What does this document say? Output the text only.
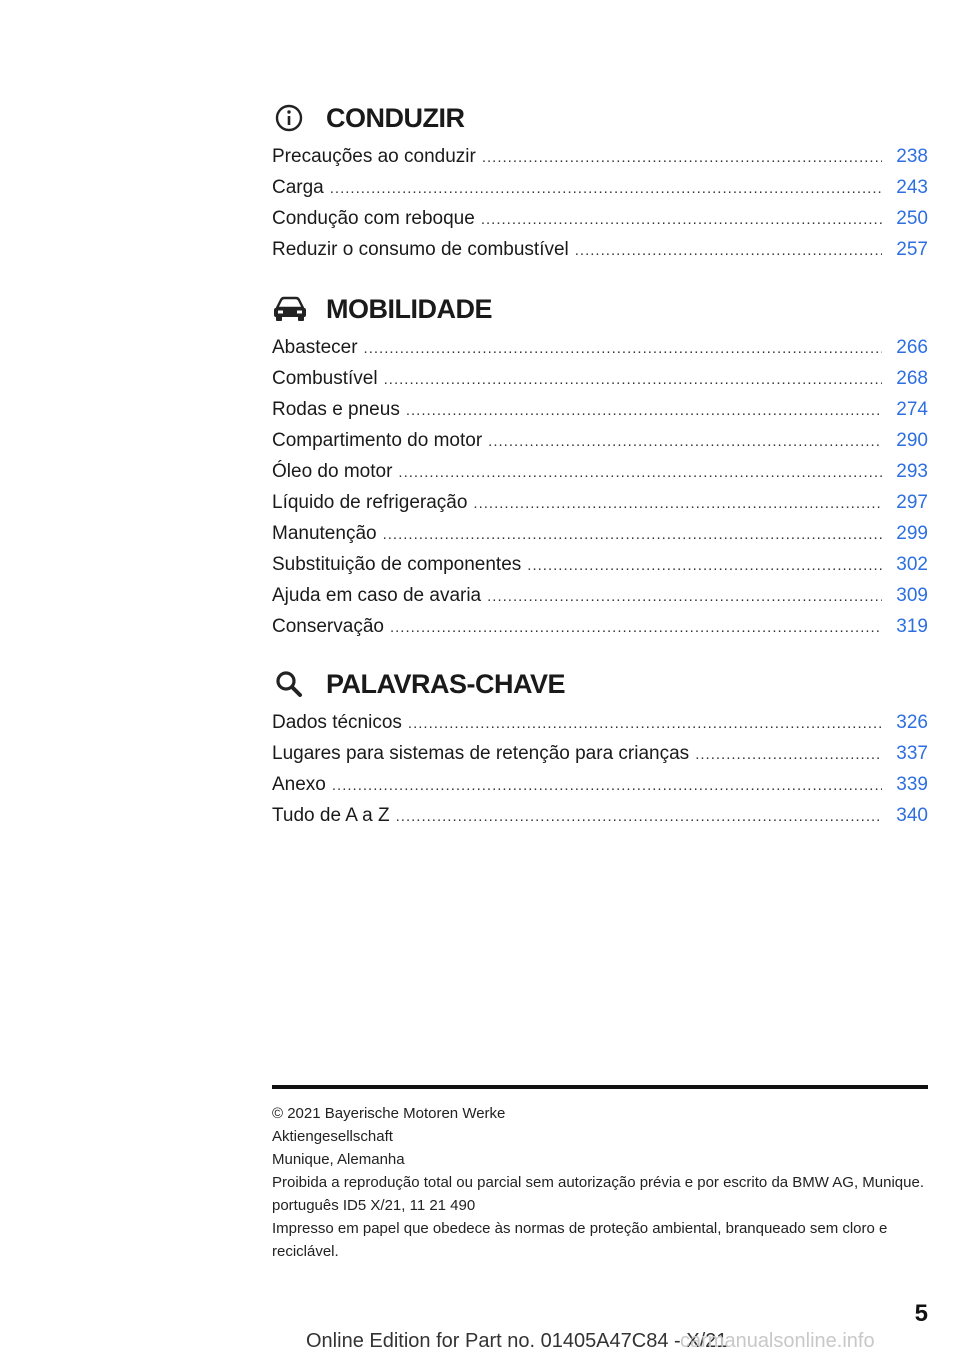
CONDUZIR
Precauções ao conduzir .....	238
Carga .....	243
Condução com reboque .....	250
Reduzir o consumo de combustível .....	257
MOBILIDADE
Abastecer .....	266
Combustível .....	268
Rodas e pneus .....	274
Compartimento do motor .....	290
Óleo do motor .....	293
Líquido de refrigeração .....	297
Manutenção .....	299
Substituição de componentes .....	302
Ajuda em caso de avaria .....	309
Conservação .....	319
PALAVRAS-CHAVE
Dados técnicos .....	326
Lugares para sistemas de retenção para crianças .....	337
Anexo .....	339
Tudo de A a Z .....	340
© 2021 Bayerische Motoren Werke
Aktiengesellschaft
Munique, Alemanha
Proibida a reprodução total ou parcial sem autorização prévia e por escrito da BMW AG, Munique.
português ID5 X/21, 11 21 490
Impresso em papel que obedece às normas de proteção ambiental, branqueado sem cloro e reciclável.
5
Online Edition for Part no. 01405A47C84 - X/21
carmanualsonline.info
